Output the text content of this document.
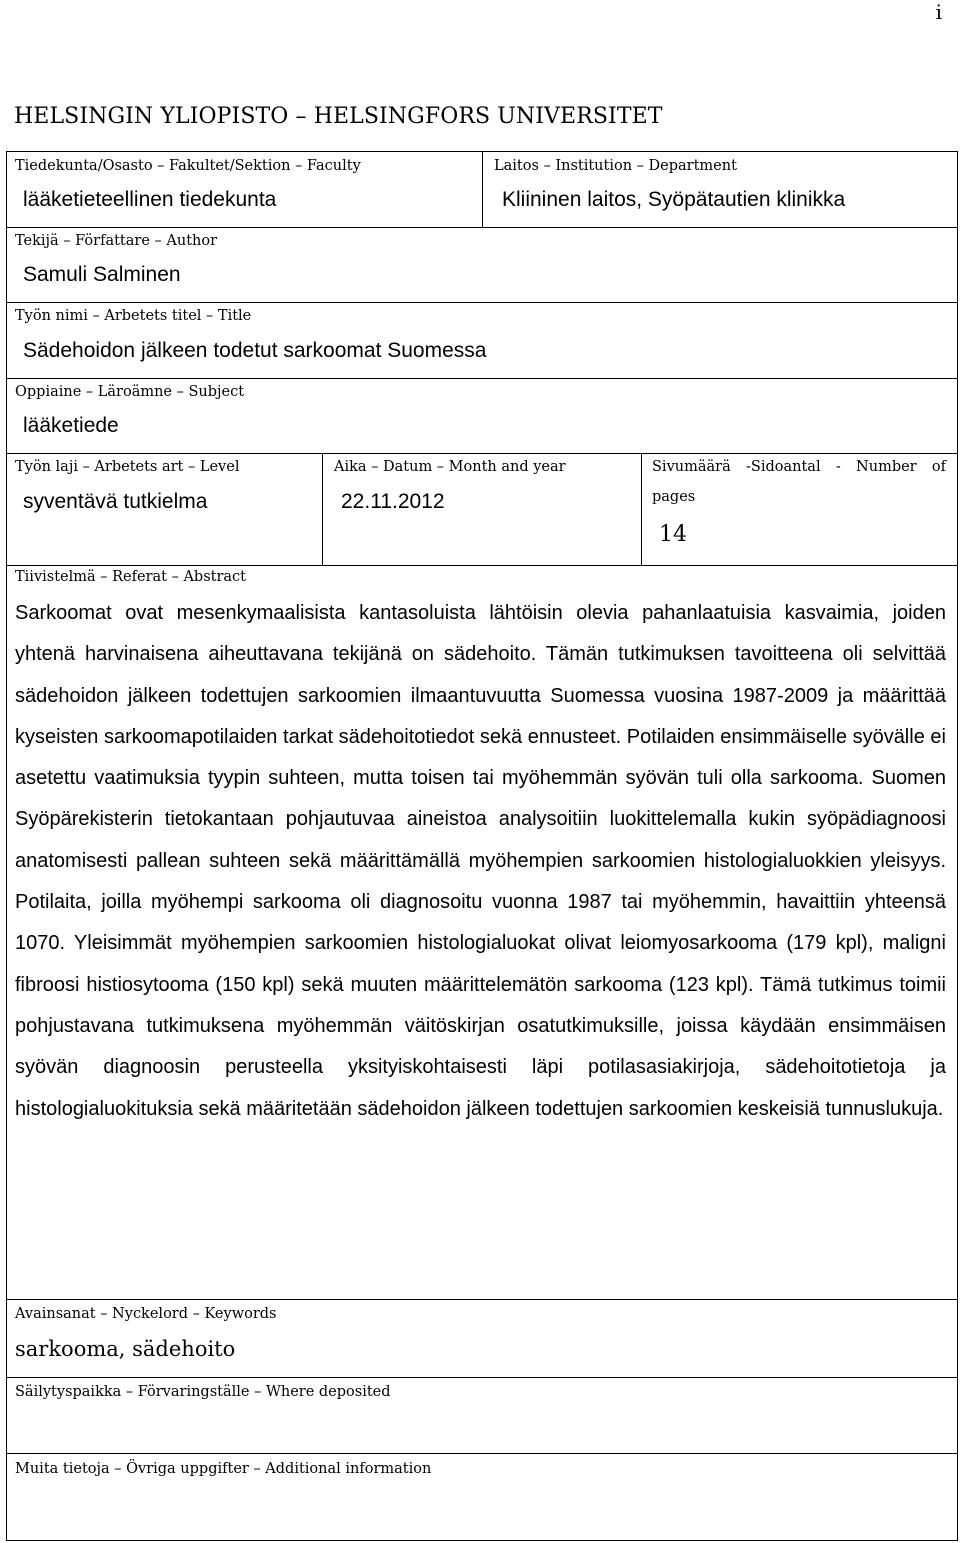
i
HELSINGIN YLIOPISTO – HELSINGFORS UNIVERSITET
Tiedekunta/Osasto – Fakultet/Sektion – Faculty
lääketieteellinen tiedekunta
Laitos – Institution – Department
Kliininen laitos, Syöpätautien klinikka
Tekijä – Författare – Author
Samuli Salminen
Työn nimi – Arbetets titel – Title
Sädehoidon jälkeen todetut sarkoomat Suomessa
Oppiaine – Läroämne – Subject
lääketiede
Työn laji – Arbetets art – Level
syventävä tutkielma
Aika – Datum – Month and year
22.11.2012
Sivumäärä -Sidoantal - Number of
pages
14
Tiivistelmä – Referat – Abstract
Sarkoomat ovat mesenkymaalisista kantasoluista lähtöisin olevia pahanlaatuisia kasvaimia, joiden yhtenä harvinaisena aiheuttavana tekijänä on sädehoito. Tämän tutkimuksen tavoitteena oli selvittää sädehoidon jälkeen todettujen sarkoomien ilmaantuvuutta Suomessa vuosina 1987-2009 ja määrittää kyseisten sarkoomapotilaiden tarkat sädehoitotiedot sekä ennusteet. Potilaiden ensimmäiselle syövälle ei asetettu vaatimuksia tyypin suhteen, mutta toisen tai myöhemmän syövän tuli olla sarkooma. Suomen Syöpärekisterin tietokantaan pohjautuvaa aineistoa analysoitiin luokittelemalla kukin syöpädiagnoosi anatomisesti pallean suhteen sekä määrittämällä myöhempien sarkoomien histologialuokkien yleisyys. Potilaita, joilla myöhempi sarkooma oli diagnosoitu vuonna 1987 tai myöhemmin, havaittiin yhteensä 1070. Yleisimmät myöhempien sarkoomien histologialuokat olivat leiomyosarkooma (179 kpl), maligni fibroosi histiosytooma (150 kpl) sekä muuten määrittelemätön sarkooma (123 kpl). Tämä tutkimus toimii pohjustavana tutkimuksena myöhemmän väitöskirjan osatutkimuksille, joissa käydään ensimmäisen syövän diagnoosin perusteella yksityiskohtaisesti läpi potilasasiakirjoja, sädehoitotietoja ja histologialuokituksia sekä määritetään sädehoidon jälkeen todettujen sarkoomien keskeisiä tunnuslukuja.
Avainsanat – Nyckelord – Keywords
sarkooma, sädehoito
Säilytyspaikka – Förvaringställe – Where deposited
Muita tietoja – Övriga uppgifter – Additional information
